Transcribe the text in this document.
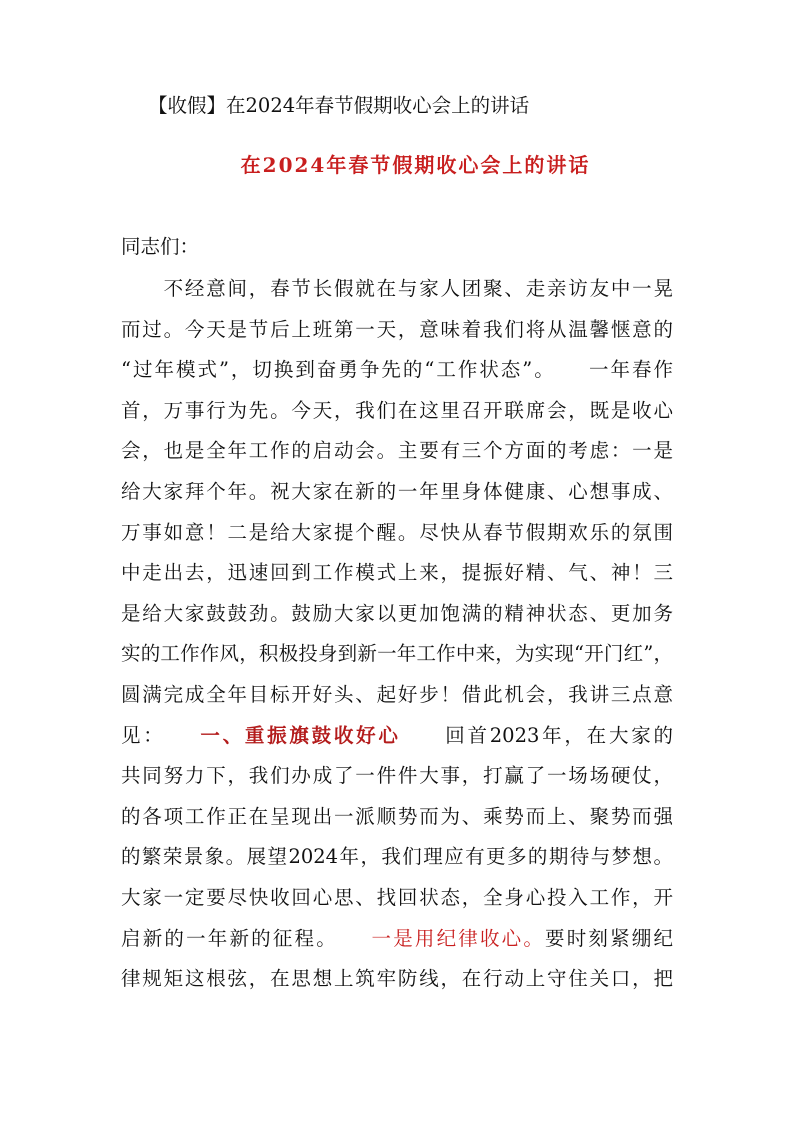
【收假】在2024年春节假期收心会上的讲话
在2024年春节假期收心会上的讲话
同志们：
　　不经意间，春节长假就在与家人团聚、走亲访友中一晃
而过。今天是节后上班第一天，意味着我们将从温馨惬意的
“过年模式”，切换到奋勇争先的“工作状态”。　　一年春作
首，万事行为先。今天，我们在这里召开联席会，既是收心
会，也是全年工作的启动会。主要有三个方面的考虑：一是
给大家拜个年。祝大家在新的一年里身体健康、心想事成、
万事如意！二是给大家提个醒。尽快从春节假期欢乐的氛围
中走出去，迅速回到工作模式上来，提振好精、气、神！三
是给大家鼓鼓劲。鼓励大家以更加饱满的精神状态、更加务
实的工作作风，积极投身到新一年工作中来，为实现“开门红”，
圆满完成全年目标开好头、起好步！借此机会，我讲三点意
见：　　一、重振旗鼓收好心　　回首2023年，在大家的
共同努力下，我们办成了一件件大事，打赢了一场场硬仗，
的各项工作正在呈现出一派顺势而为、乘势而上、聚势而强
的繁荣景象。展望2024年，我们理应有更多的期待与梦想。
大家一定要尽快收回心思、找回状态，全身心投入工作，开
启新的一年新的征程。　　一是用纪律收心。要时刻紧绷纪
律规矩这根弦，在思想上筑牢防线，在行动上守住关口，把
